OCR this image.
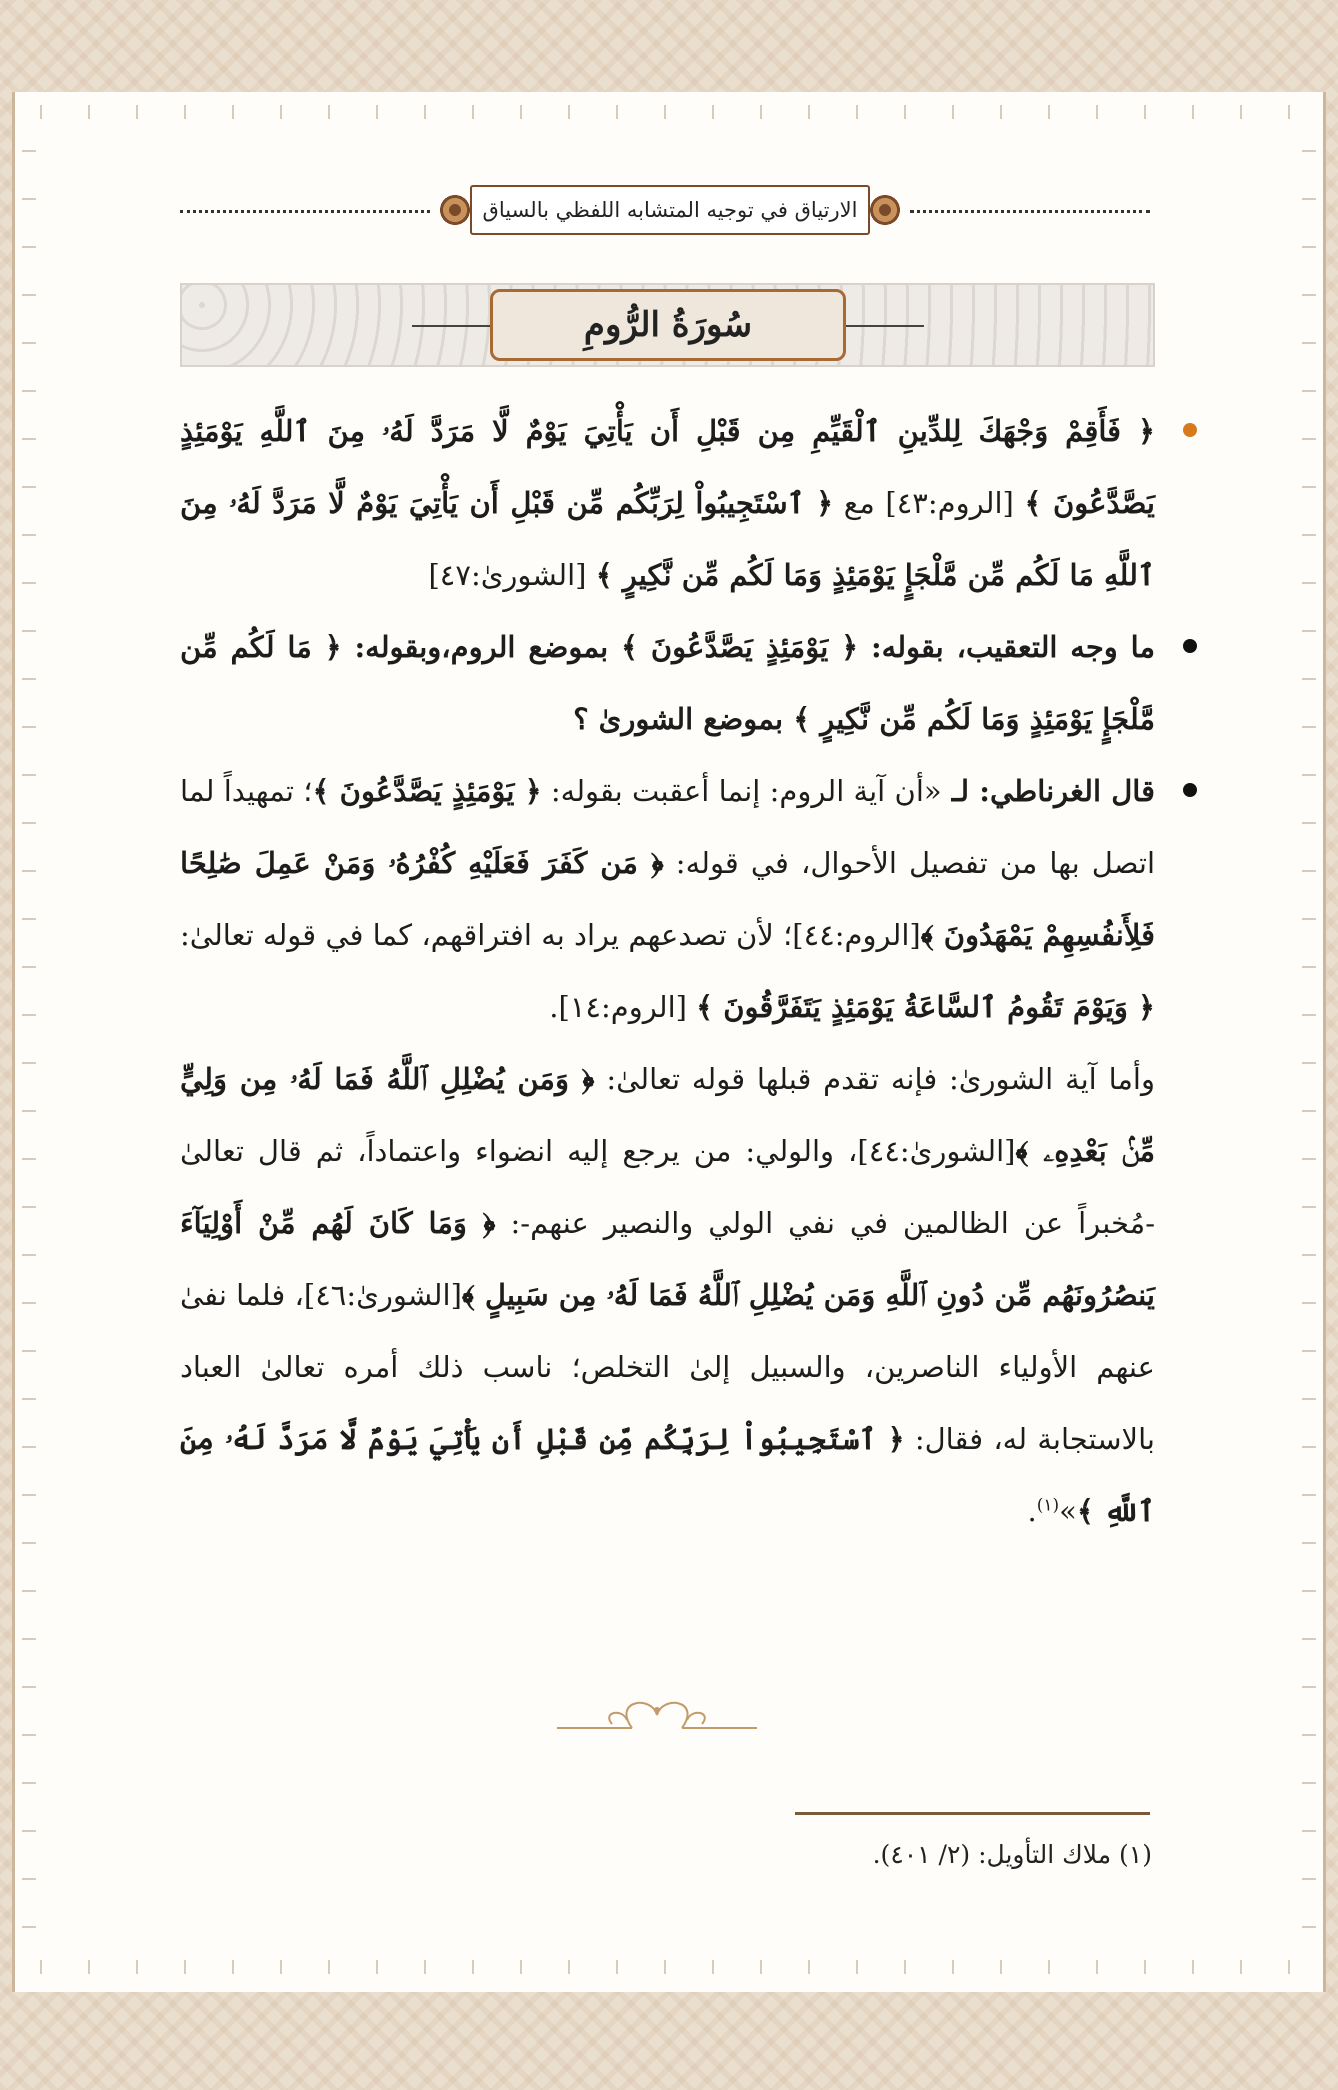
الارتياق في توجيه المتشابه اللفظي بالسياق
سُورَةُ الرُّومِ
﴿ فَأَقِمْ وَجْهَكَ لِلدِّينِ ٱلْقَيِّمِ مِن قَبْلِ أَن يَأْتِيَ يَوْمٌ لَّا مَرَدَّ لَهُۥ مِنَ ٱللَّهِ يَوْمَئِذٍ يَصَّدَّعُونَ ﴾ [الروم:٤٣] مع ﴿ ٱسْتَجِيبُواْ لِرَبِّكُم مِّن قَبْلِ أَن يَأْتِيَ يَوْمٌ لَّا مَرَدَّ لَهُۥ مِنَ ٱللَّهِ مَا لَكُم مِّن مَّلْجَإٍ يَوْمَئِذٍ وَمَا لَكُم مِّن نَّكِيرٍ ﴾ [الشورىٰ:٤٧]
ما وجه التعقيب، بقوله: ﴿ يَوْمَئِذٍ يَصَّدَّعُونَ ﴾ بموضع الروم،وبقوله: ﴿ مَا لَكُم مِّن مَّلْجَإٍ يَوْمَئِذٍ وَمَا لَكُم مِّن نَّكِيرٍ ﴾ بموضع الشورىٰ ؟
قال الغرناطي: لـ «أن آية الروم: إنما أعقبت بقوله: ﴿ يَوْمَئِذٍ يَصَّدَّعُونَ ﴾؛ تمهيداً لما اتصل بها من تفصيل الأحوال، في قوله: ﴿ مَن كَفَرَ فَعَلَيْهِ كُفْرُهُۥ وَمَنْ عَمِلَ صَٰلِحًا فَلِأَنفُسِهِمْ يَمْهَدُونَ ﴾[الروم:٤٤]؛ لأن تصدعهم يراد به افتراقهم، كما في قوله تعالىٰ: ﴿ وَيَوْمَ تَقُومُ ٱلسَّاعَةُ يَوْمَئِذٍ يَتَفَرَّقُونَ ﴾ [الروم:١٤].
وأما آية الشورىٰ: فإنه تقدم قبلها قوله تعالىٰ: ﴿ وَمَن يُضْلِلِ ٱللَّهُ فَمَا لَهُۥ مِن وَلِيٍّ مِّنۢ بَعْدِهِۦ ﴾[الشورىٰ:٤٤]، والولي: من يرجع إليه انضواء واعتماداً، ثم قال تعالىٰ -مُخبراً عن الظالمين في نفي الولي والنصير عنهم-: ﴿ وَمَا كَانَ لَهُم مِّنْ أَوْلِيَآءَ يَنصُرُونَهُم مِّن دُونِ ٱللَّهِ وَمَن يُضْلِلِ ٱللَّهُ فَمَا لَهُۥ مِن سَبِيلٍ ﴾[الشورىٰ:٤٦]، فلما نفىٰ عنهم الأولياء الناصرين، والسبيل إلىٰ التخلص؛ ناسب ذلك أمره تعالىٰ العباد بالاستجابة له، فقال: ﴿ ٱسْتَجِيبُواْ لِرَبِّكُم مِّن قَبْلِ أَن يَأْتِيَ يَوْمٌ لَّا مَرَدَّ لَهُۥ مِنَ ٱللَّهِ ﴾»$^{(١)}$.
(١) ملاك التأويل: (٢/ ٤٠١).
